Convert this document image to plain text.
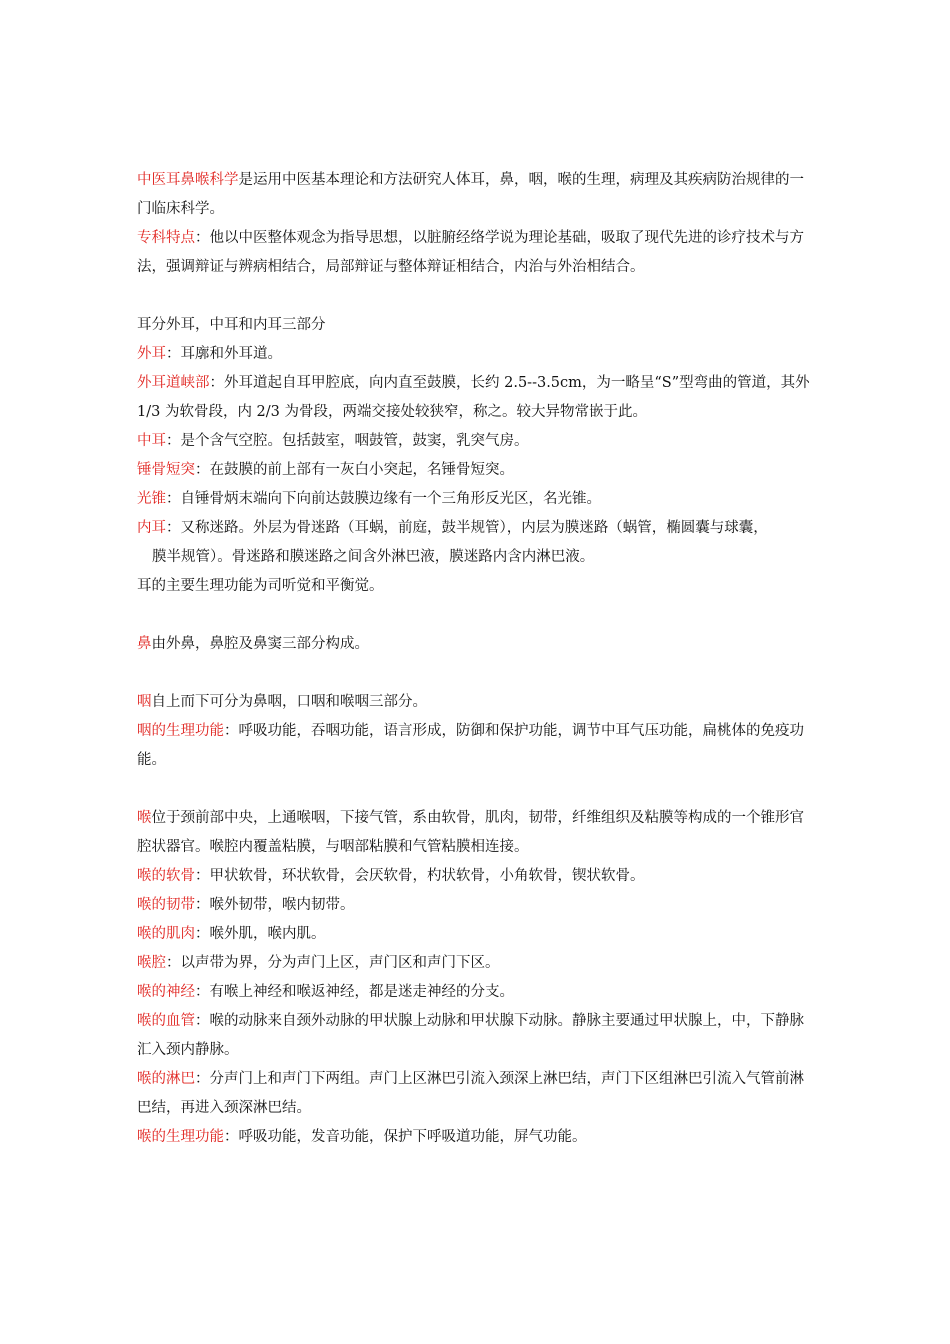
中医耳鼻喉科学是运用中医基本理论和方法研究人体耳，鼻，咽，喉的生理，病理及其疾病防治规律的一门临床科学。

专科特点：他以中医整体观念为指导思想，以脏腑经络学说为理论基础，吸取了现代先进的诊疗技术与方法，强调辩证与辨病相结合，局部辩证与整体辩证相结合，内治与外治相结合。

耳分外耳，中耳和内耳三部分

外耳：耳廓和外耳道。

外耳道峡部：外耳道起自耳甲腔底，向内直至鼓膜，长约 2.5--3.5cm，为一略呈“S”型弯曲的管道，其外 1/3 为软骨段，内 2/3 为骨段，两端交接处较狭窄，称之。较大异物常嵌于此。

中耳：是个含气空腔。包括鼓室，咽鼓管，鼓窦，乳突气房。

锤骨短突：在鼓膜的前上部有一灰白小突起，名锤骨短突。

光锥：自锤骨炳末端向下向前达鼓膜边缘有一个三角形反光区，名光锥。

内耳：又称迷路。外层为骨迷路（耳蜗，前庭，鼓半规管），内层为膜迷路（蜗管，椭圆囊与球囊，

膜半规管）。骨迷路和膜迷路之间含外淋巴液，膜迷路内含内淋巴液。

耳的主要生理功能为司听觉和平衡觉。

鼻由外鼻，鼻腔及鼻窦三部分构成。

咽自上而下可分为鼻咽，口咽和喉咽三部分。

咽的生理功能：呼吸功能，吞咽功能，语言形成，防御和保护功能，调节中耳气压功能，扁桃体的免疫功能。

喉位于颈前部中央，上通喉咽，下接气管，系由软骨，肌肉，韧带，纤维组织及粘膜等构成的一个锥形官腔状器官。喉腔内覆盖粘膜，与咽部粘膜和气管粘膜相连接。

喉的软骨：甲状软骨，环状软骨，会厌软骨，杓状软骨，小角软骨，锲状软骨。

喉的韧带：喉外韧带，喉内韧带。

喉的肌肉：喉外肌，喉内肌。

喉腔：以声带为界，分为声门上区，声门区和声门下区。

喉的神经：有喉上神经和喉返神经，都是迷走神经的分支。

喉的血管：喉的动脉来自颈外动脉的甲状腺上动脉和甲状腺下动脉。静脉主要通过甲状腺上，中，下静脉汇入颈内静脉。

喉的淋巴：分声门上和声门下两组。声门上区淋巴引流入颈深上淋巴结，声门下区组淋巴引流入气管前淋巴结，再进入颈深淋巴结。

喉的生理功能：呼吸功能，发音功能，保护下呼吸道功能，屏气功能。
